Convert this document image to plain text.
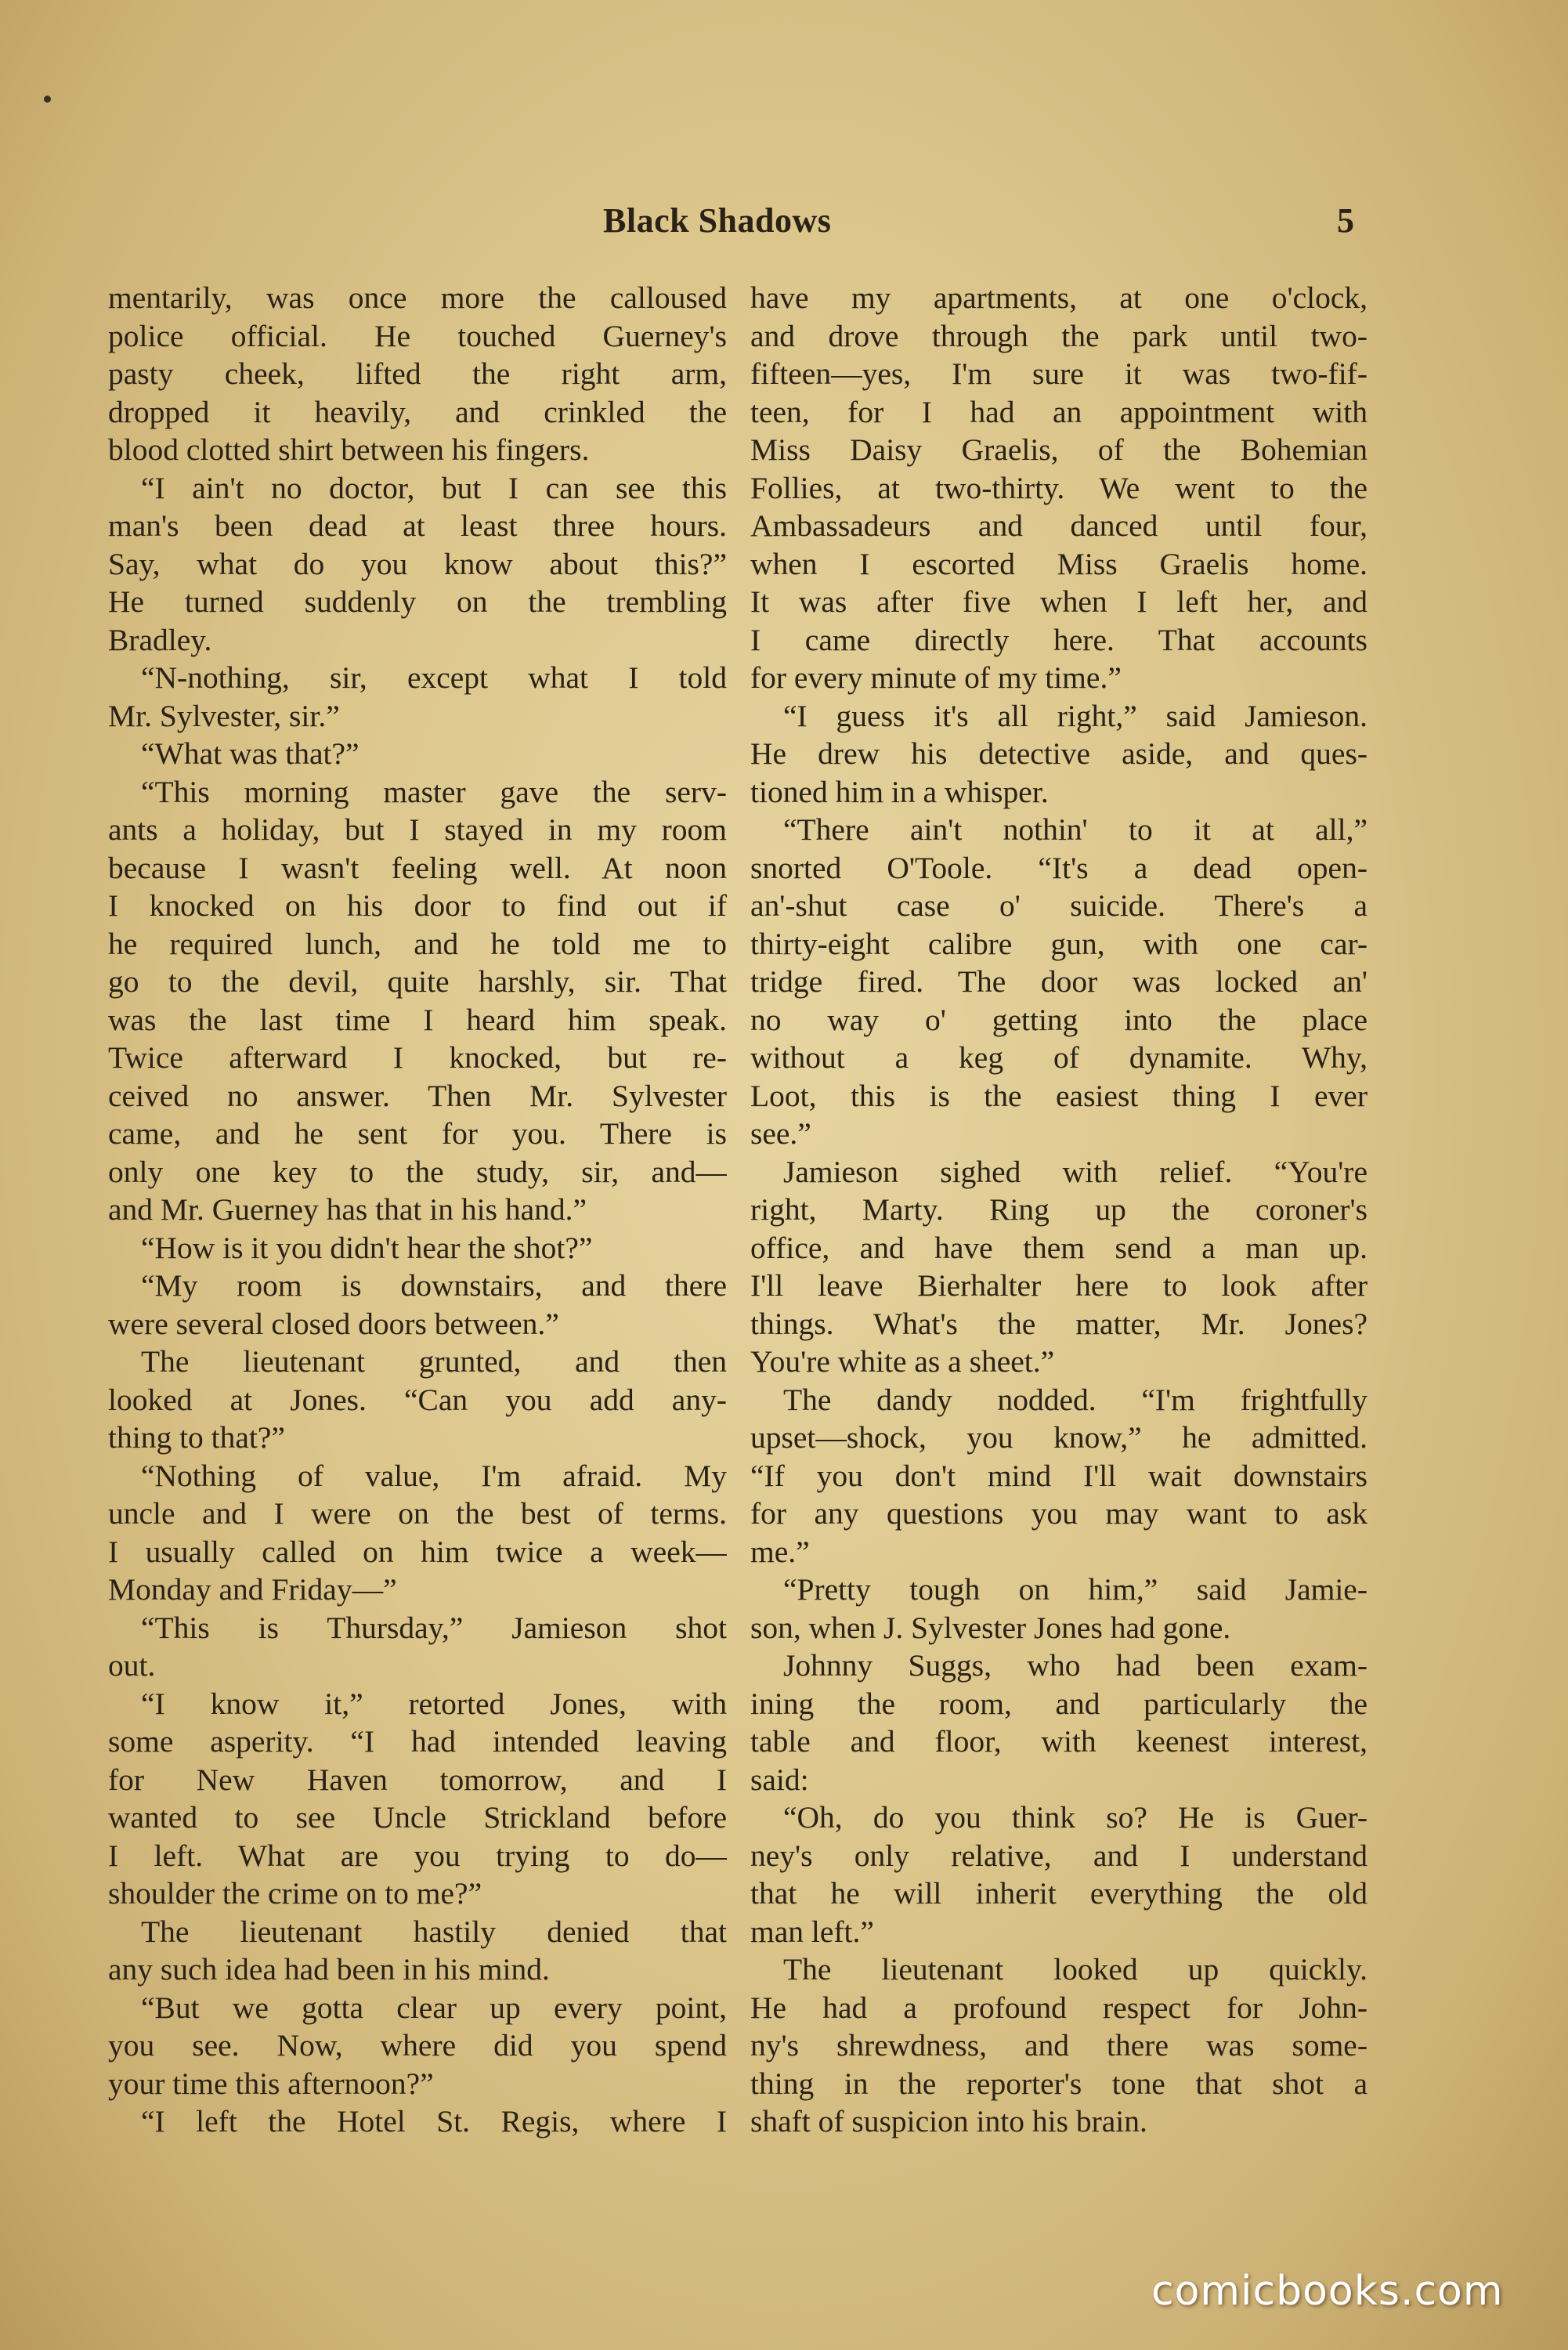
Black Shadows	5
mentarily, was once more the calloused
police official. He touched Guerney's
pasty cheek, lifted the right arm,
dropped it heavily, and crinkled the
blood clotted shirt between his fingers.
“I ain't no doctor, but I can see this
man's been dead at least three hours.
Say, what do you know about this?”
He turned suddenly on the trembling
Bradley.
“N-nothing, sir, except what I told
Mr. Sylvester, sir.”
“What was that?”
“This morning master gave the serv-
ants a holiday, but I stayed in my room
because I wasn't feeling well. At noon
I knocked on his door to find out if
he required lunch, and he told me to
go to the devil, quite harshly, sir. That
was the last time I heard him speak.
Twice afterward I knocked, but re-
ceived no answer. Then Mr. Sylvester
came, and he sent for you. There is
only one key to the study, sir, and—
and Mr. Guerney has that in his hand.”
“How is it you didn't hear the shot?”
“My room is downstairs, and there
were several closed doors between.”
The lieutenant grunted, and then
looked at Jones. “Can you add any-
thing to that?”
“Nothing of value, I'm afraid. My
uncle and I were on the best of terms.
I usually called on him twice a week—
Monday and Friday—”
“This is Thursday,” Jamieson shot
out.
“I know it,” retorted Jones, with
some asperity. “I had intended leaving
for New Haven tomorrow, and I
wanted to see Uncle Strickland before
I left. What are you trying to do—
shoulder the crime on to me?”
The lieutenant hastily denied that
any such idea had been in his mind.
“But we gotta clear up every point,
you see. Now, where did you spend
your time this afternoon?”
“I left the Hotel St. Regis, where I
have my apartments, at one o'clock,
and drove through the park until two-
fifteen—yes, I'm sure it was two-fif-
teen, for I had an appointment with
Miss Daisy Graelis, of the Bohemian
Follies, at two-thirty. We went to the
Ambassadeurs and danced until four,
when I escorted Miss Graelis home.
It was after five when I left her, and
I came directly here. That accounts
for every minute of my time.”
“I guess it's all right,” said Jamieson.
He drew his detective aside, and ques-
tioned him in a whisper.
“There ain't nothin' to it at all,”
snorted O'Toole. “It's a dead open-
an'-shut case o' suicide. There's a
thirty-eight calibre gun, with one car-
tridge fired. The door was locked an'
no way o' getting into the place
without a keg of dynamite. Why,
Loot, this is the easiest thing I ever
see.”
Jamieson sighed with relief. “You're
right, Marty. Ring up the coroner's
office, and have them send a man up.
I'll leave Bierhalter here to look after
things. What's the matter, Mr. Jones?
You're white as a sheet.”
The dandy nodded. “I'm frightfully
upset—shock, you know,” he admitted.
“If you don't mind I'll wait downstairs
for any questions you may want to ask
me.”
“Pretty tough on him,” said Jamie-
son, when J. Sylvester Jones had gone.
Johnny Suggs, who had been exam-
ining the room, and particularly the
table and floor, with keenest interest,
said:
“Oh, do you think so? He is Guer-
ney's only relative, and I understand
that he will inherit everything the old
man left.”
The lieutenant looked up quickly.
He had a profound respect for John-
ny's shrewdness, and there was some-
thing in the reporter's tone that shot a
shaft of suspicion into his brain.
comicbooks.com
